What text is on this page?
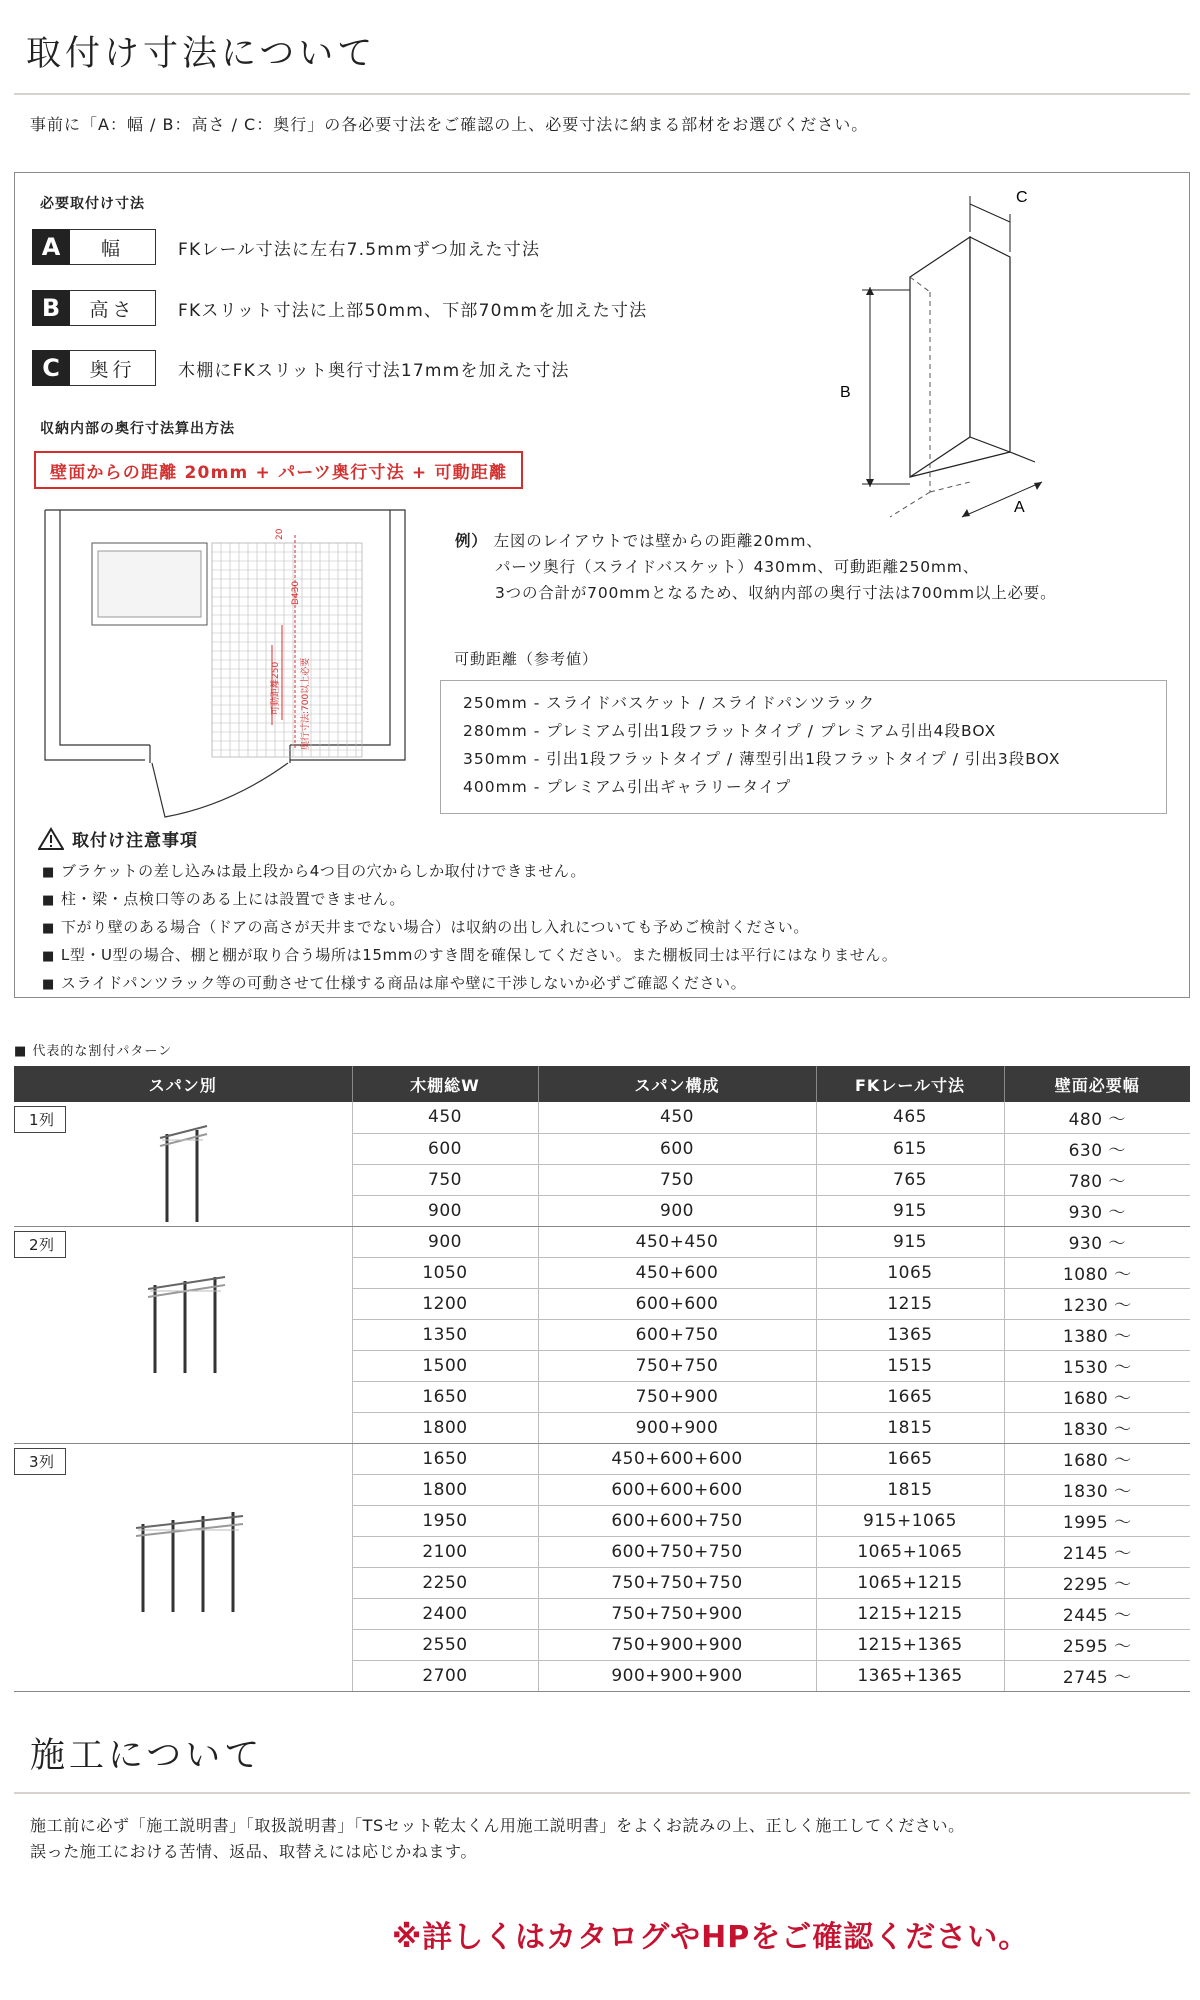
取付け寸法について
事前に「A：幅 / B：高さ / C：奥行」の各必要寸法をご確認の上、必要寸法に納まる部材をお選びください。
必要取付け寸法
A	幅	FKレール寸法に左右7.5mmずつ加えた寸法
B	高さ	FKスリット寸法に上部50mm、下部70mmを加えた寸法
C	奥行	木棚にFKスリット奥行寸法17mmを加えた寸法
B
C
A
収納内部の奥行寸法算出方法
壁面からの距離 20mm + パーツ奥行寸法 + 可動距離
20
D430
可動距離250 奥行寸法:700以上必要
例） 左図のレイアウトでは壁からの距離20mm、
パーツ奥行（スライドバスケット）430mm、可動距離250mm、
3つの合計が700mmとなるため、収納内部の奥行寸法は700mm以上必要。
可動距離（参考値）
250mm - スライドバスケット / スライドパンツラック
280mm - プレミアム引出1段フラットタイプ / プレミアム引出4段BOX
350mm - 引出1段フラットタイプ / 薄型引出1段フラットタイプ / 引出3段BOX
400mm - プレミアム引出ギャラリータイプ
取付け注意事項
■ ブラケットの差し込みは最上段から4つ目の穴からしか取付けできません。
■ 柱・梁・点検口等のある上には設置できません。
■ 下がり壁のある場合（ドアの高さが天井までない場合）は収納の出し入れについても予めご検討ください。
■ L型・U型の場合、棚と棚が取り合う場所は15mmのすき間を確保してください。また棚板同士は平行にはなりません。
■ スライドパンツラック等の可動させて仕様する商品は扉や壁に干渉しないか必ずご確認ください。
■ 代表的な割付パターン
スパン別	木棚総W	スパン構成	FKレール寸法	壁面必要幅
1列	450	450	465	480 〜
	600	600	615	630 〜
	750	750	765	780 〜
	900	900	915	930 〜
2列	900	450+450	915	930 〜
	1050	450+600	1065	1080 〜
	1200	600+600	1215	1230 〜
	1350	600+750	1365	1380 〜
	1500	750+750	1515	1530 〜
	1650	750+900	1665	1680 〜
	1800	900+900	1815	1830 〜
3列	1650	450+600+600	1665	1680 〜
	1800	600+600+600	1815	1830 〜
	1950	600+600+750	915+1065	1995 〜
	2100	600+750+750	1065+1065	2145 〜
	2250	750+750+750	1065+1215	2295 〜
	2400	750+750+900	1215+1215	2445 〜
	2550	750+900+900	1215+1365	2595 〜
	2700	900+900+900	1365+1365	2745 〜
施工について
施工前に必ず「施工説明書」「取扱説明書」「TSセット乾太くん用施工説明書」をよくお読みの上、正しく施工してください。
誤った施工における苦情、返品、取替えには応じかねます。
※詳しくはカタログやHPをご確認ください。
